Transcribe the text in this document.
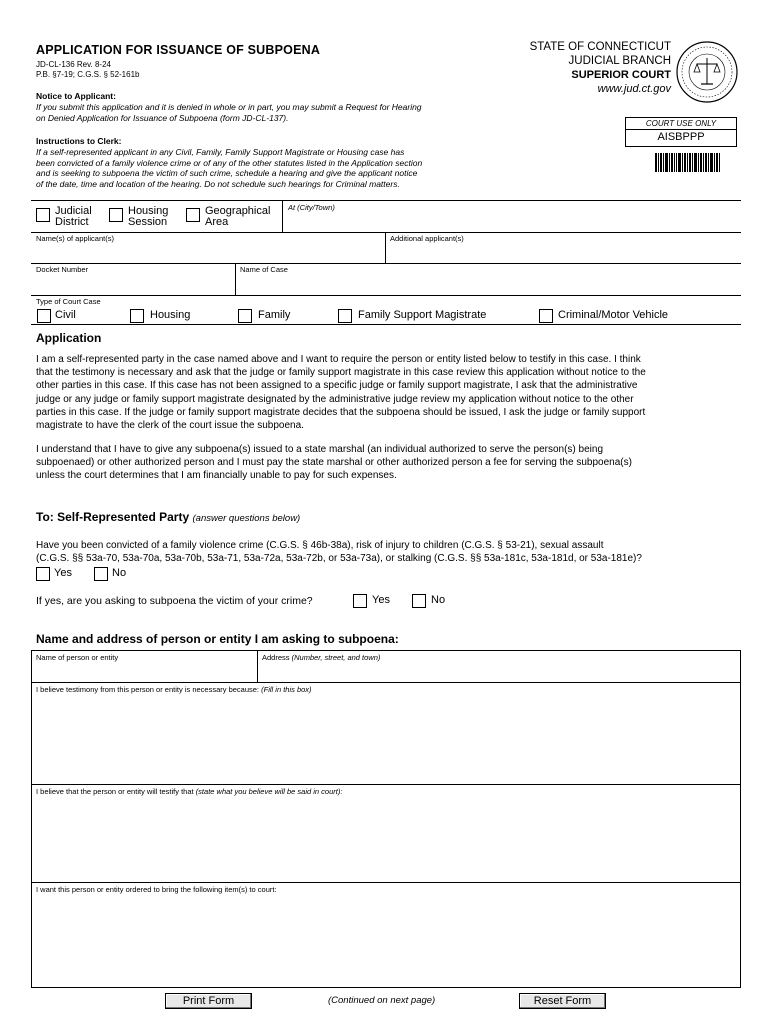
APPLICATION FOR ISSUANCE OF SUBPOENA
JD-CL-136 Rev. 8-24
P.B. §7-19; C.G.S. § 52-161b
STATE OF CONNECTICUT
JUDICIAL BRANCH
SUPERIOR COURT
www.jud.ct.gov
Notice to Applicant:
If you submit this application and it is denied in whole or in part, you may submit a Request for Hearing
on Denied Application for Issuance of Subpoena (form JD-CL-137).
Instructions to Clerk:
If a self-represented applicant in any Civil, Family, Family Support Magistrate or Housing case has
been convicted of a family violence crime or of any of the other statutes listed in the Application section
and is seeking to subpoena the victim of such crime, schedule a hearing and give the applicant notice
of the date, time and location of the hearing. Do not schedule such hearings for Criminal matters.
COURT USE ONLY
AISBPPP
Judicial
District
Housing
Session
Geographical
Area
At (City/Town)
Name(s) of applicant(s)	Additional applicant(s)
Docket Number	Name of Case
Type of Court Case
Civil	Housing	Family	Family Support Magistrate	Criminal/Motor Vehicle
Application
I am a self-represented party in the case named above and I want to require the person or entity listed below to testify in this case. I think
that the testimony is necessary and ask that the judge or family support magistrate in this case review this application without notice to the
other parties in this case. If this case has not been assigned to a specific judge or family support magistrate, I ask that the administrative
judge or any judge or family support magistrate designated by the administrative judge review my application without notice to the other
parties in this case. If the judge or family support magistrate decides that the subpoena should be issued, I ask the judge or family support
magistrate to have the clerk of the court issue the subpoena.
I understand that I have to give any subpoena(s) issued to a state marshal (an individual authorized to serve the person(s) being
subpoenaed) or other authorized person and I must pay the state marshal or other authorized person a fee for serving the subpoena(s)
unless the court determines that I am financially unable to pay for such expenses.
To: Self-Represented Party (answer questions below)
Have you been convicted of a family violence crime (C.G.S. § 46b-38a), risk of injury to children (C.G.S. § 53-21), sexual assault
(C.G.S. §§ 53a-70, 53a-70a, 53a-70b, 53a-71, 53a-72a, 53a-72b, or 53a-73a), or stalking (C.G.S. §§ 53a-181c, 53a-181d, or 53a-181e)?
Yes	No
If yes, are you asking to subpoena the victim of your crime?	Yes	No
Name and address of person or entity I am asking to subpoena:
Name of person or entity	Address (Number, street, and town)
I believe testimony from this person or entity is necessary because: (Fill in this box)
I believe that the person or entity will testify that (state what you believe will be said in court):
I want this person or entity ordered to bring the following item(s) to court:
Print Form	(Continued on next page)	Reset Form
